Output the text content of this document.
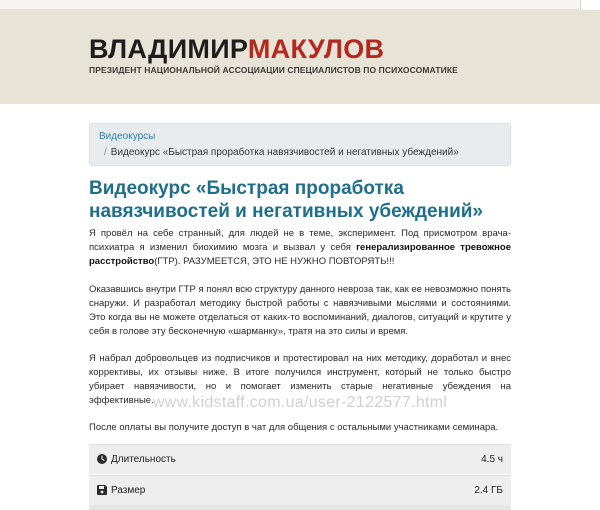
ВЛАДИМИРМАКУЛОВ
ПРЕЗИДЕНТ НАЦИОНАЛЬНОЙ АССОЦИАЦИИ СПЕЦИАЛИСТОВ ПО ПСИХОСОМАТИКЕ
Видеокурсы
/ Видеокурс «Быстрая проработка навязчивостей и негативных убеждений»
Видеокурс «Быстрая проработка навязчивостей и негативных убеждений»

Я провёл на себе странный, для людей не в теме, эксперимент. Под присмотром врача-психиатра я изменил биохимию мозга и вызвал у себя генерализированное тревожное расстройство(ГТР). РАЗУМЕЕТСЯ, ЭТО НЕ НУЖНО ПОВТОРЯТЬ!!!

Оказавшись внутри ГТР я понял всю структуру данного невроза так, как ее невозможно понять снаружи. И разработал методику быстрой работы с навязчивыми мыслями и состояниями. Это когда вы не можете отделаться от каких-то воспоминаний, диалогов, ситуаций и крутите у себя в голове эту бесконечную «шарманку», тратя на это силы и время.

Я набрал добровольцев из подписчиков и протестировал на них методику, доработал и внес коррективы, их отзывы ниже. В итоге получился инструмент, который не только быстро убирает навязчивости, но и помогает изменить старые негативные убеждения на эффективные. www.kidstaff.com.ua/user-2122577.html

После оплаты вы получите доступ в чат для общения с остальными участниками семинара.

Длительность	4.5 ч
Размер	2.4 ГБ
